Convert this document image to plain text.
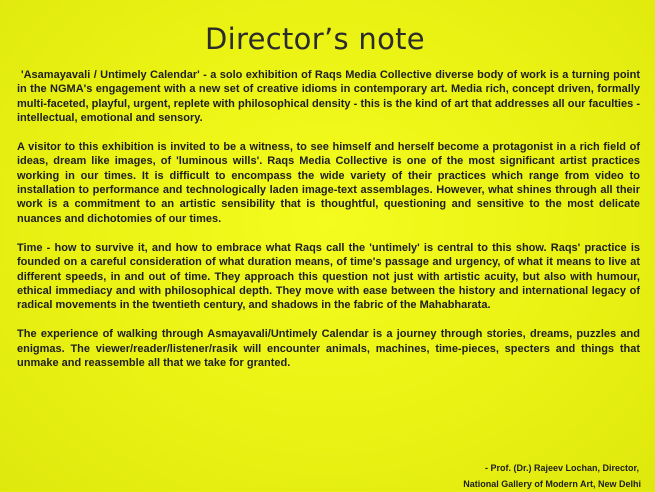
Director’s note

'Asamayavali / Untimely Calendar' - a solo exhibition of Raqs Media Collective diverse body of work is a turning point in the NGMA's engagement with a new set of creative idioms in contemporary art. Media rich, concept driven, formally multi-faceted, playful, urgent, replete with philosophical density - this is the kind of art that addresses all our faculties - intellectual, emotional and sensory.

A visitor to this exhibition is invited to be a witness, to see himself and herself become a protagonist in a rich field of ideas, dream like images, of 'luminous wills'. Raqs Media Collective is one of the most significant artist practices working in our times. It is difficult to encompass the wide variety of their practices which range from video to installation to performance and technologically laden image-text assemblages. However, what shines through all their work is a commitment to an artistic sensibility that is thoughtful, questioning and sensitive to the most delicate nuances and dichotomies of our times.

Time - how to survive it, and how to embrace what Raqs call the 'untimely' is central to this show. Raqs' practice is founded on a careful consideration of what duration means, of time's passage and urgency, of what it means to live at different speeds, in and out of time. They approach this question not just with artistic acuity, but also with humour, ethical immediacy and with philosophical depth. They move with ease between the history and international legacy of radical movements in the twentieth century, and shadows in the fabric of the Mahabharata.

The experience of walking through Asmayavali/Untimely Calendar is a journey through stories, dreams, puzzles and enigmas. The viewer/reader/listener/rasik will encounter animals, machines, time-pieces, specters and things that unmake and reassemble all that we take for granted.

- Prof. (Dr.) Rajeev Lochan, Director,
National Gallery of Modern Art, New Delhi
